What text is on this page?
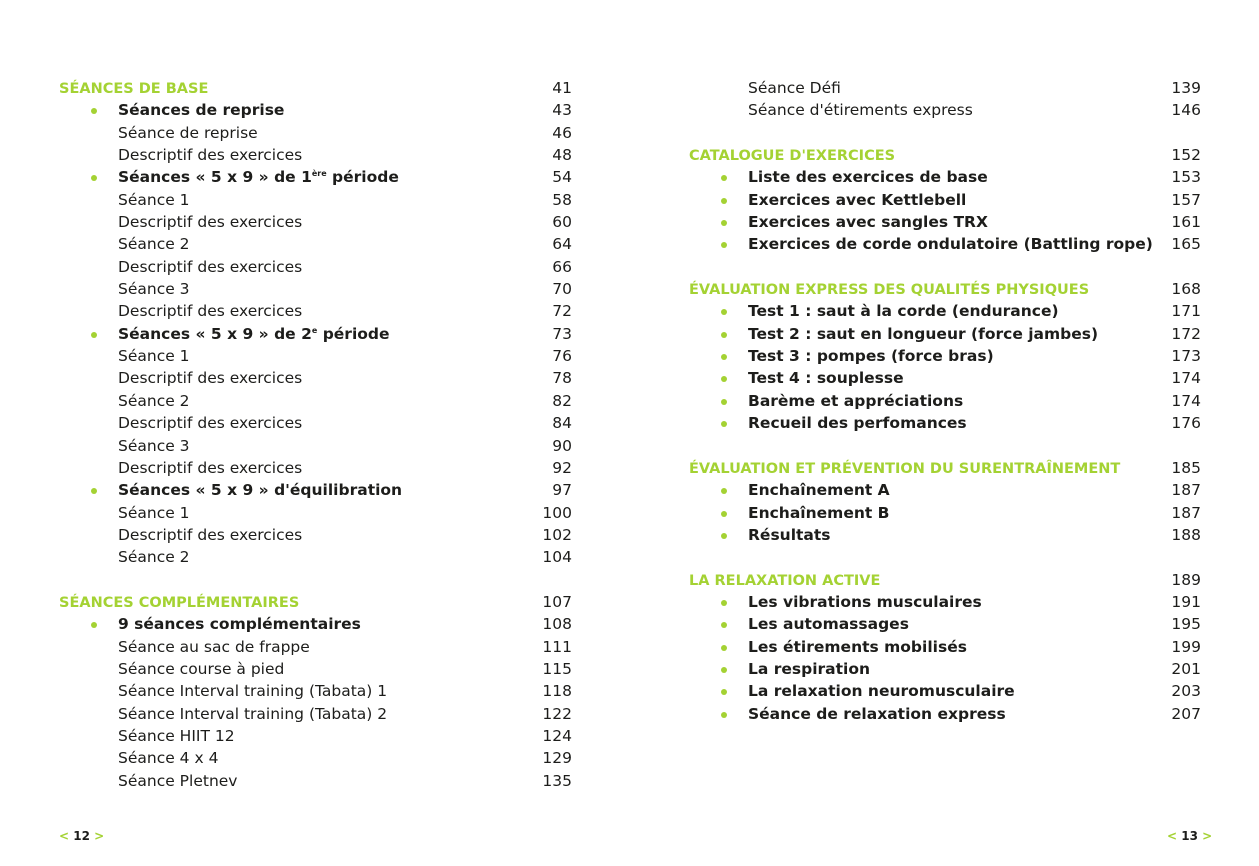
SÉANCES DE BASE	41
Séances de reprise	43
Séance de reprise	46
Descriptif des exercices	48
Séances « 5 x 9 » de 1ère période	54
Séance 1	58
Descriptif des exercices	60
Séance 2	64
Descriptif des exercices	66
Séance 3	70
Descriptif des exercices	72
Séances « 5 x 9 » de 2e période	73
Séance 1	76
Descriptif des exercices	78
Séance 2	82
Descriptif des exercices	84
Séance 3	90
Descriptif des exercices	92
Séances « 5 x 9 » d'équilibration	97
Séance 1	100
Descriptif des exercices	102
Séance 2	104
SÉANCES COMPLÉMENTAIRES	107
9 séances complémentaires	108
Séance au sac de frappe	111
Séance course à pied	115
Séance Interval training (Tabata) 1	118
Séance Interval training (Tabata) 2	122
Séance HIIT 12	124
Séance 4 x 4	129
Séance Pletnev	135
< 12 >
Séance Défi	139
Séance d'étirements express	146
CATALOGUE D'EXERCICES	152
Liste des exercices de base	153
Exercices avec Kettlebell	157
Exercices avec sangles TRX	161
Exercices de corde ondulatoire (Battling rope) 165
ÉVALUATION EXPRESS DES QUALITÉS PHYSIQUES	168
Test 1 : saut à la corde (endurance)	171
Test 2 : saut en longueur (force jambes)	172
Test 3 : pompes (force bras)	173
Test 4 : souplesse	174
Barème et appréciations	174
Recueil des perfomances	176
ÉVALUATION ET PRÉVENTION DU SURENTRAÎNEMENT	185
Enchaînement A	187
Enchaînement B	187
Résultats	188
LA RELAXATION ACTIVE	189
Les vibrations musculaires	191
Les automassages	195
Les étirements mobilisés	199
La respiration	201
La relaxation neuromusculaire	203
Séance de relaxation express	207
< 13 >
